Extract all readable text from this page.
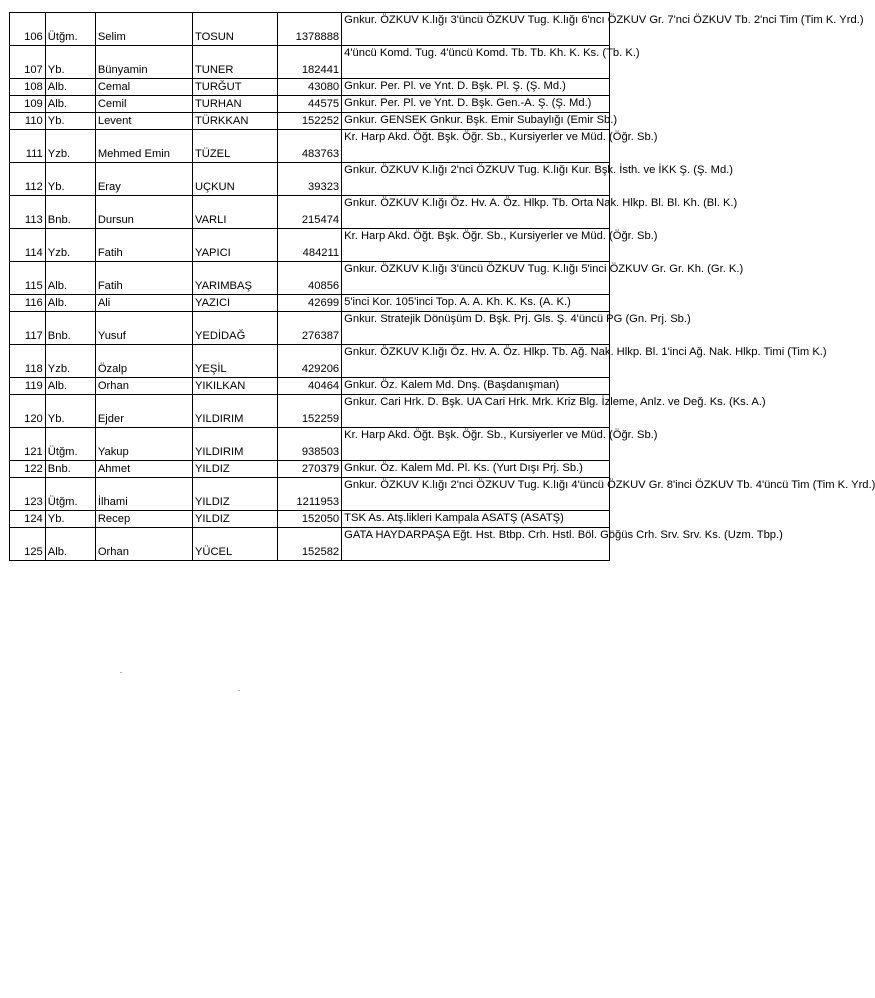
106	Ütğm.	Selim	TOSUN	1378888	Gnkur. ÖZKUV K.lığı 3'üncü ÖZKUV Tug. K.lığı 6'ncı ÖZKUV Gr. 7'nci ÖZKUV Tb. 2'nci Tim (Tim K. Yrd.)
107	Yb.	Bünyamin	TUNER	182441	4'üncü Komd. Tug. 4'üncü Komd. Tb. Tb. Kh. K. Ks. (Tb. K.)
108	Alb.	Cemal	TURĞUT	43080	Gnkur. Per. Pl. ve Ynt. D. Bşk. Pl. Ş. (Ş. Md.)
109	Alb.	Cemil	TURHAN	44575	Gnkur. Per. Pl. ve Ynt. D. Bşk. Gen.-A. Ş. (Ş. Md.)
110	Yb.	Levent	TÜRKKAN	152252	Gnkur. GENSEK Gnkur. Bşk. Emir Subaylığı (Emir Sb.)
111	Yzb.	Mehmed Emin	TÜZEL	483763	Kr. Harp Akd. Öğt. Bşk. Öğr. Sb., Kursiyerler ve Müd. (Öğr. Sb.)
112	Yb.	Eray	UÇKUN	39323	Gnkur. ÖZKUV K.lığı 2'nci ÖZKUV Tug. K.lığı Kur. Bşk. İsth. ve İKK Ş. (Ş. Md.)
113	Bnb.	Dursun	VARLI	215474	Gnkur. ÖZKUV K.lığı Öz. Hv. A. Öz. Hlkp. Tb. Orta Nak. Hlkp. Bl. Bl. Kh. (Bl. K.)
114	Yzb.	Fatih	YAPICI	484211	Kr. Harp Akd. Öğt. Bşk. Öğr. Sb., Kursiyerler ve Müd. (Öğr. Sb.)
115	Alb.	Fatih	YARIMBAŞ	40856	Gnkur. ÖZKUV K.lığı 3'üncü ÖZKUV Tug. K.lığı 5'inci ÖZKUV Gr. Gr. Kh. (Gr. K.)
116	Alb.	Ali	YAZICI	42699	5'inci Kor. 105'inci Top. A. A. Kh. K. Ks. (A. K.)
117	Bnb.	Yusuf	YEDİDAĞ	276387	Gnkur. Stratejik Dönüşüm D. Bşk. Prj. Gls. Ş. 4'üncü PG (Gn. Prj. Sb.)
118	Yzb.	Özalp	YEŞİL	429206	Gnkur. ÖZKUV K.lığı Öz. Hv. A. Öz. Hlkp. Tb. Ağ. Nak. Hlkp. Bl. 1'inci Ağ. Nak. Hlkp. Timi (Tim K.)
119	Alb.	Orhan	YIKILKAN	40464	Gnkur. Öz. Kalem Md. Dnş. (Başdanışman)
120	Yb.	Ejder	YILDIRIM	152259	Gnkur. Cari Hrk. D. Bşk. UA Cari Hrk. Mrk. Kriz Blg. İzleme, Anlz. ve Değ. Ks. (Ks. A.)
121	Ütğm.	Yakup	YILDIRIM	938503	Kr. Harp Akd. Öğt. Bşk. Öğr. Sb., Kursiyerler ve Müd. (Öğr. Sb.)
122	Bnb.	Ahmet	YILDIZ	270379	Gnkur. Öz. Kalem Md. Pl. Ks. (Yurt Dışı Prj. Sb.)
123	Ütğm.	İlhami	YILDIZ	1211953	Gnkur. ÖZKUV K.lığı 2'nci ÖZKUV Tug. K.lığı 4'üncü ÖZKUV Gr. 8'inci ÖZKUV Tb. 4'üncü Tim (Tim K. Yrd.)
124	Yb.	Recep	YILDIZ	152050	TSK As. Atş.likleri Kampala ASATŞ (ASATŞ)
125	Alb.	Orhan	YÜCEL	152582	GATA HAYDARPAŞA Eğt. Hst. Btbp. Crh. Hstl. Böl. Göğüs Crh. Srv. Srv. Ks. (Uzm. Tbp.)
